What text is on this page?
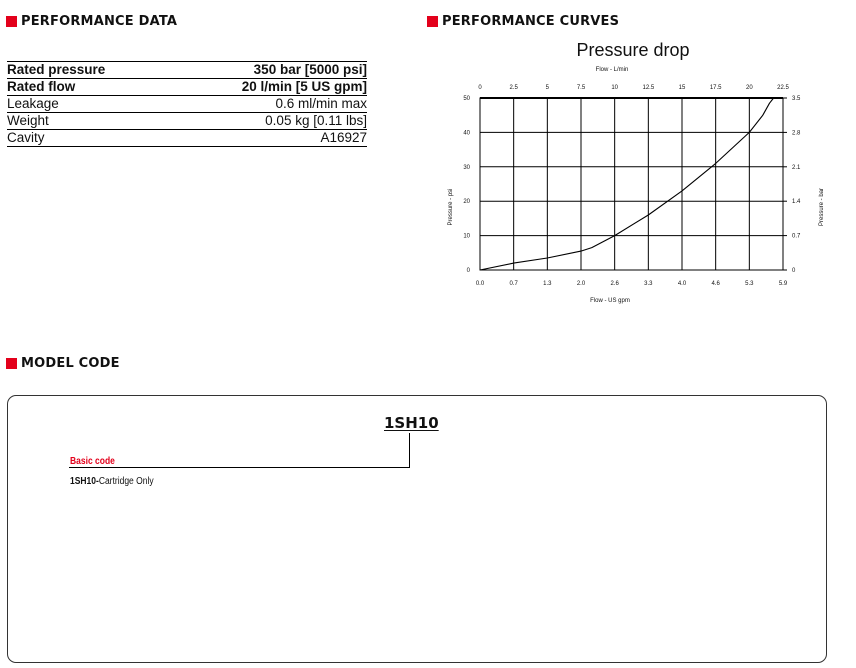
PERFORMANCE DATA	PERFORMANCE CURVES
Rated pressure	350 bar [5000 psi]
Rated flow	20 l/min [5 US gpm]
Leakage	0.6 ml/min max
Weight	0.05 kg [0.11 lbs]
Cavity	A16927
Pressure drop
Flow - L/min
Flow - US gpm
Pressure - psi	Pressure - bar
0
0.0
2.5
0.7
5
1.3
7.5
2.0
10
2.6
12.5
3.3
15
4.0
17.5
4.6
20
5.3
22.5
5.9
0	0
10	0.7
20	1.4
30	2.1
40	2.8
50	3.5
MODEL CODE
1SH10
Basic code
1SH10-Cartridge Only
